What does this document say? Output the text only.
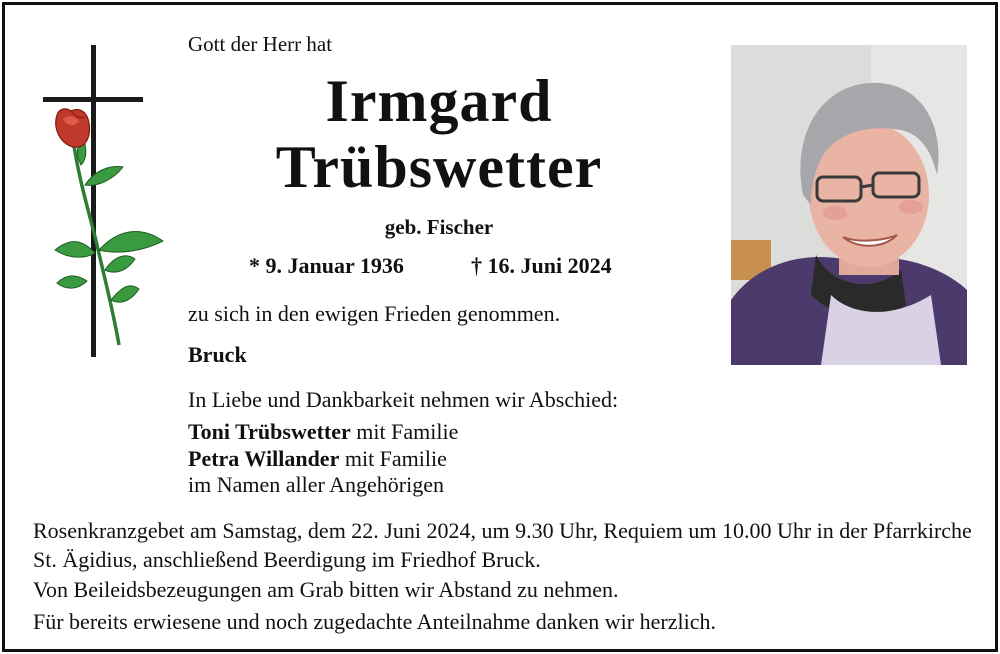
Gott der Herr hat
Irmgard
Trübswetter
geb. Fischer
* 9. Januar 1936	† 16. Juni 2024
zu sich in den ewigen Frieden genommen.
Bruck
In Liebe und Dankbarkeit nehmen wir Abschied:
Toni Trübswetter mit Familie
Petra Willander mit Familie
im Namen aller Angehörigen
Rosenkranzgebet am Samstag, dem 22. Juni 2024, um 9.30 Uhr, Requiem um 10.00 Uhr in der Pfarrkirche St. Ägidius, anschließend Beerdigung im Friedhof Bruck.
Von Beileidsbezeugungen am Grab bitten wir Abstand zu nehmen.
Für bereits erwiesene und noch zugedachte Anteilnahme danken wir herzlich.
